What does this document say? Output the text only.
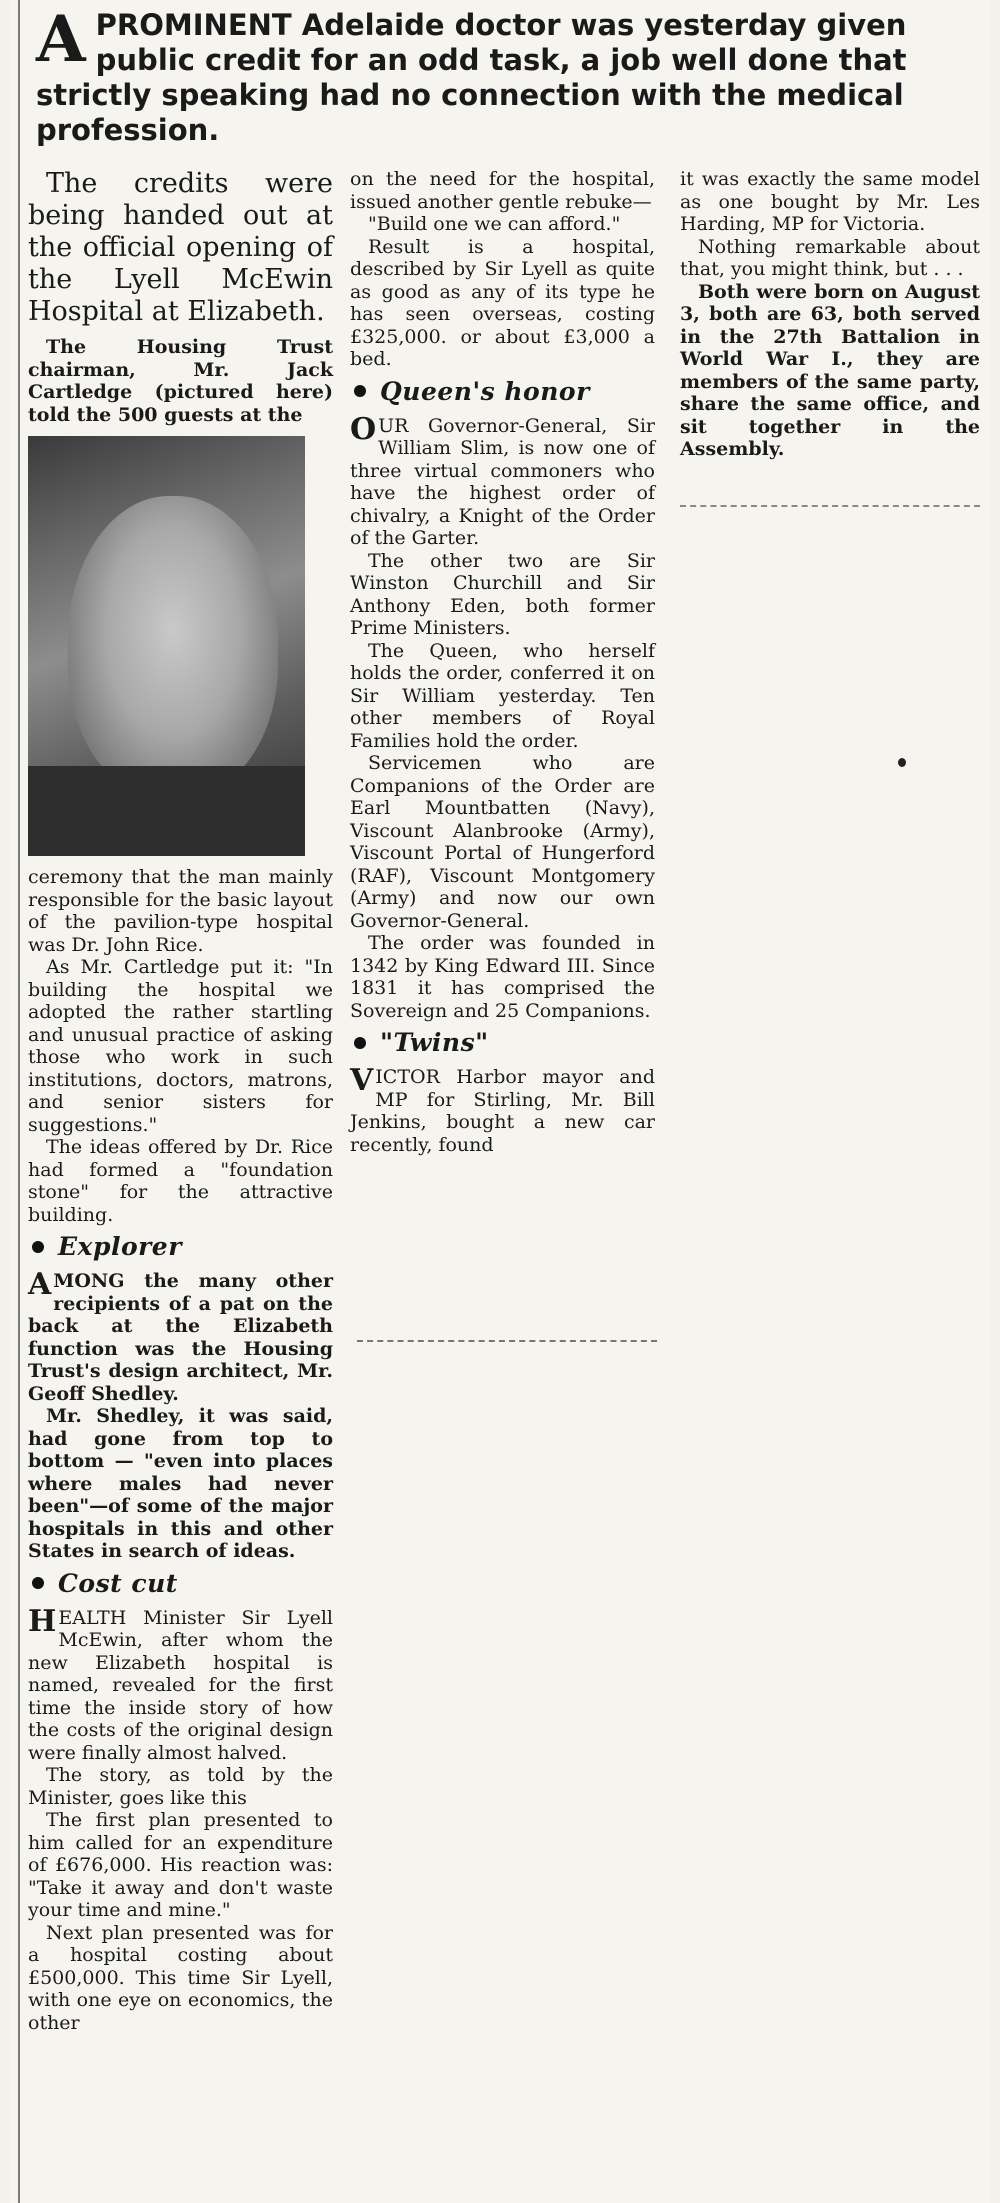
A PROMINENT Adelaide doctor was yesterday given public credit for an odd task, a job well done that strictly speaking had no connection with the medical profession.

The credits were being handed out at the official opening of the Lyell McEwin Hospital at Elizabeth.

The Housing Trust chairman, Mr. Jack Cartledge (pictured here) told the 500 guests at the

ceremony that the man mainly responsible for the basic layout of the pavilion-type hospital was Dr. John Rice.

As Mr. Cartledge put it: "In building the hospital we adopted the rather startling and unusual practice of asking those who work in such institutions, doctors, matrons, and senior sisters for suggestions."

The ideas offered by Dr. Rice had formed a "foundation stone" for the attractive building.

Explorer

AMONG the many other recipients of a pat on the back at the Elizabeth function was the Housing Trust's design architect, Mr. Geoff Shedley.

Mr. Shedley, it was said, had gone from top to bottom — "even into places where males had never been"—of some of the major hospitals in this and other States in search of ideas.

Cost cut

HEALTH Minister Sir Lyell McEwin, after whom the new Elizabeth hospital is named, revealed for the first time the inside story of how the costs of the original design were finally almost halved.

The story, as told by the Minister, goes like this

The first plan presented to him called for an expenditure of £676,000. His reaction was: "Take it away and don't waste your time and mine."

Next plan presented was for a hospital costing about £500,000. This time Sir Lyell, with one eye on economics, the other

on the need for the hospital, issued another gentle rebuke—

"Build one we can afford."

Result is a hospital, described by Sir Lyell as quite as good as any of its type he has seen overseas, costing £325,000. or about £3,000 a bed.

Queen's honor

OUR Governor-General, Sir William Slim, is now one of three virtual commoners who have the highest order of chivalry, a Knight of the Order of the Garter.

The other two are Sir Winston Churchill and Sir Anthony Eden, both former Prime Ministers.

The Queen, who herself holds the order, conferred it on Sir William yesterday. Ten other members of Royal Families hold the order.

Servicemen who are Companions of the Order are Earl Mountbatten (Navy), Viscount Alanbrooke (Army), Viscount Portal of Hungerford (RAF), Viscount Montgomery (Army) and now our own Governor-General.

The order was founded in 1342 by King Edward III. Since 1831 it has comprised the Sovereign and 25 Companions.

"Twins"

VICTOR Harbor mayor and MP for Stirling, Mr. Bill Jenkins, bought a new car recently, found

it was exactly the same model as one bought by Mr. Les Harding, MP for Victoria.

Nothing remarkable about that, you might think, but . . .

Both were born on August 3, both are 63, both served in the 27th Battalion in World War I., they are members of the same party, share the same office, and sit together in the Assembly.
